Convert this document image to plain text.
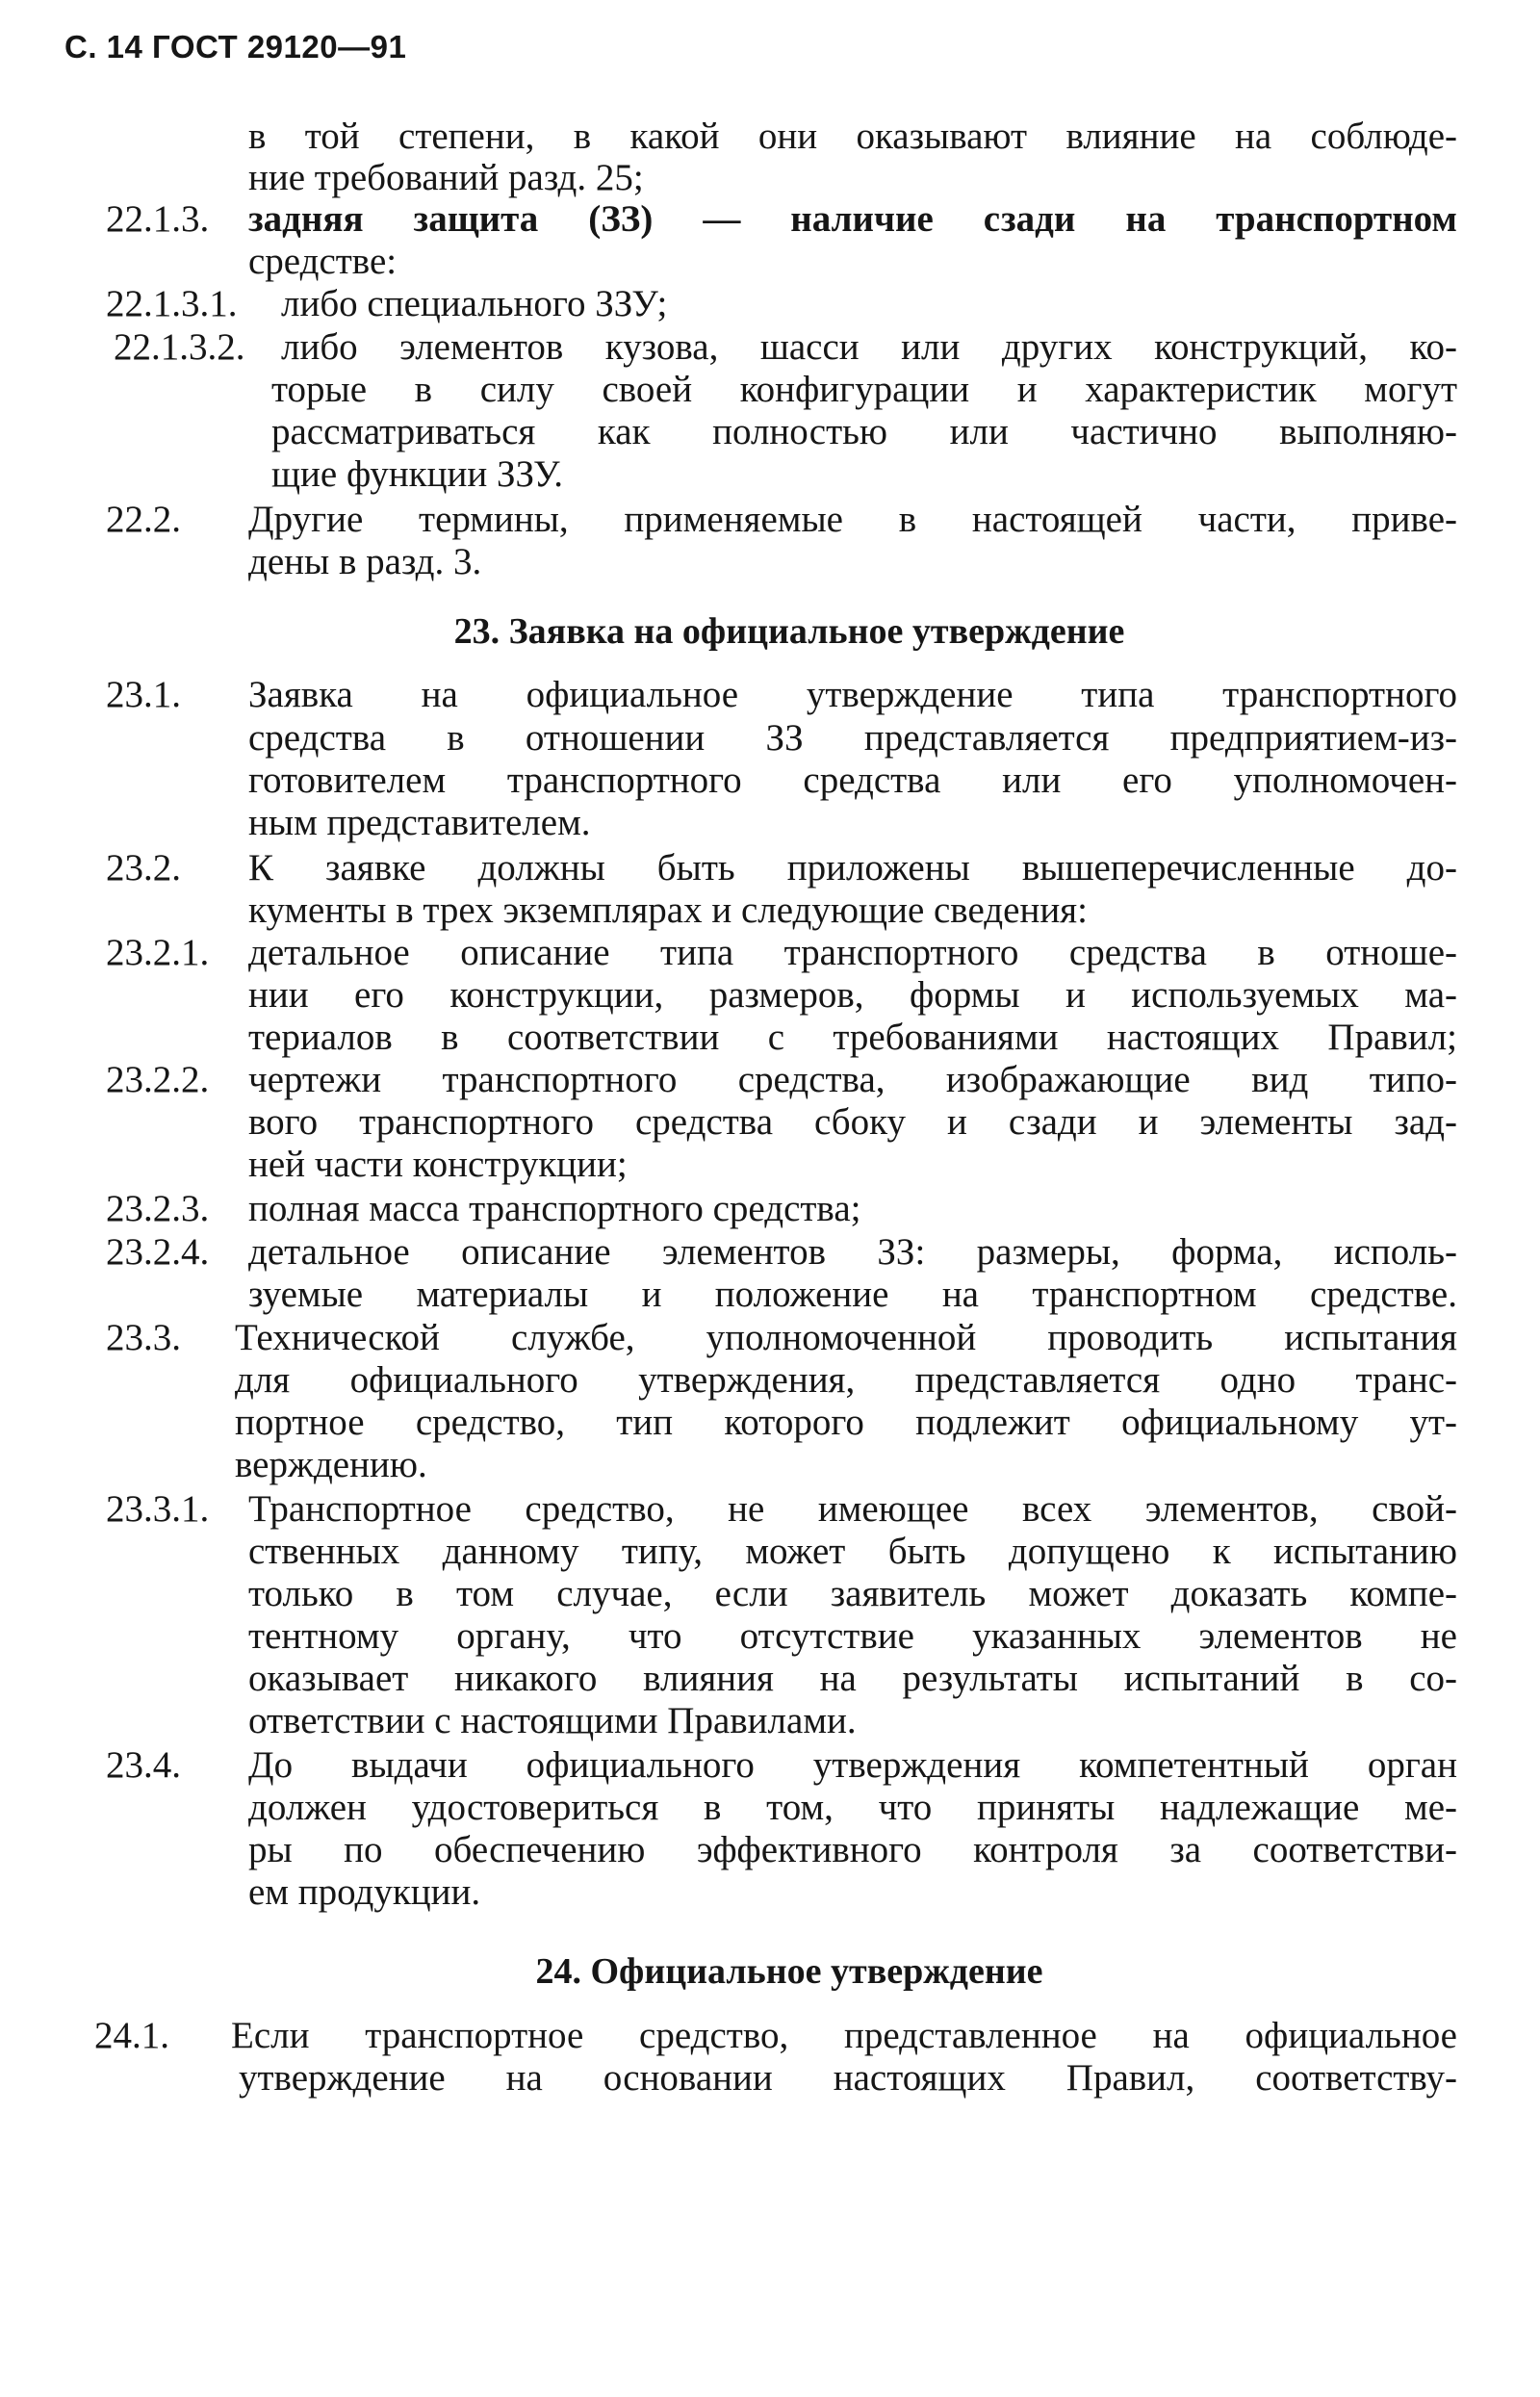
С. 14 ГОСТ 29120—91
в той степени, в какой они оказывают влияние на соблюде-
ние требований разд. 25;
22.1.3. задняя защита (ЗЗ) — наличие сзади на транспортном
средстве:
22.1.3.1. либо специального ЗЗУ;
22.1.3.2. либо элементов кузова, шасси или других конструкций, ко-
торые в силу своей конфигурации и характеристик могут
рассматриваться как полностью или частично выполняю-
щие функции ЗЗУ.
22.2. Другие термины, применяемые в настоящей части, приве-
дены в разд. 3.
23. Заявка на официальное утверждение
23.1. Заявка на официальное утверждение типа транспортного
средства в отношении ЗЗ представляется предприятием-из-
готовителем транспортного средства или его уполномочен-
ным представителем.
23.2. К заявке должны быть приложены вышеперечисленные до-
кументы в трех экземплярах и следующие сведения:
23.2.1. детальное описание типа транспортного средства в отноше-
нии его конструкции, размеров, формы и используемых ма-
териалов в соответствии с требованиями настоящих Правил;
23.2.2. чертежи транспортного средства, изображающие вид типо-
вого транспортного средства сбоку и сзади и элементы зад-
ней части конструкции;
23.2.3. полная масса транспортного средства;
23.2.4. детальное описание элементов ЗЗ: размеры, форма, исполь-
зуемые материалы и положение на транспортном средстве.
23.3. Технической службе, уполномоченной проводить испытания
для официального утверждения, представляется одно транс-
портное средство, тип которого подлежит официальному ут-
верждению.
23.3.1. Транспортное средство, не имеющее всех элементов, свой-
ственных данному типу, может быть допущено к испытанию
только в том случае, если заявитель может доказать компе-
тентному органу, что отсутствие указанных элементов не
оказывает никакого влияния на результаты испытаний в со-
ответствии с настоящими Правилами.
23.4. До выдачи официального утверждения компетентный орган
должен удостовериться в том, что приняты надлежащие ме-
ры по обеспечению эффективного контроля за соответстви-
ем продукции.
24. Официальное утверждение
24.1. Если транспортное средство, представленное на официальное
утверждение на основании настоящих Правил, соответству-
